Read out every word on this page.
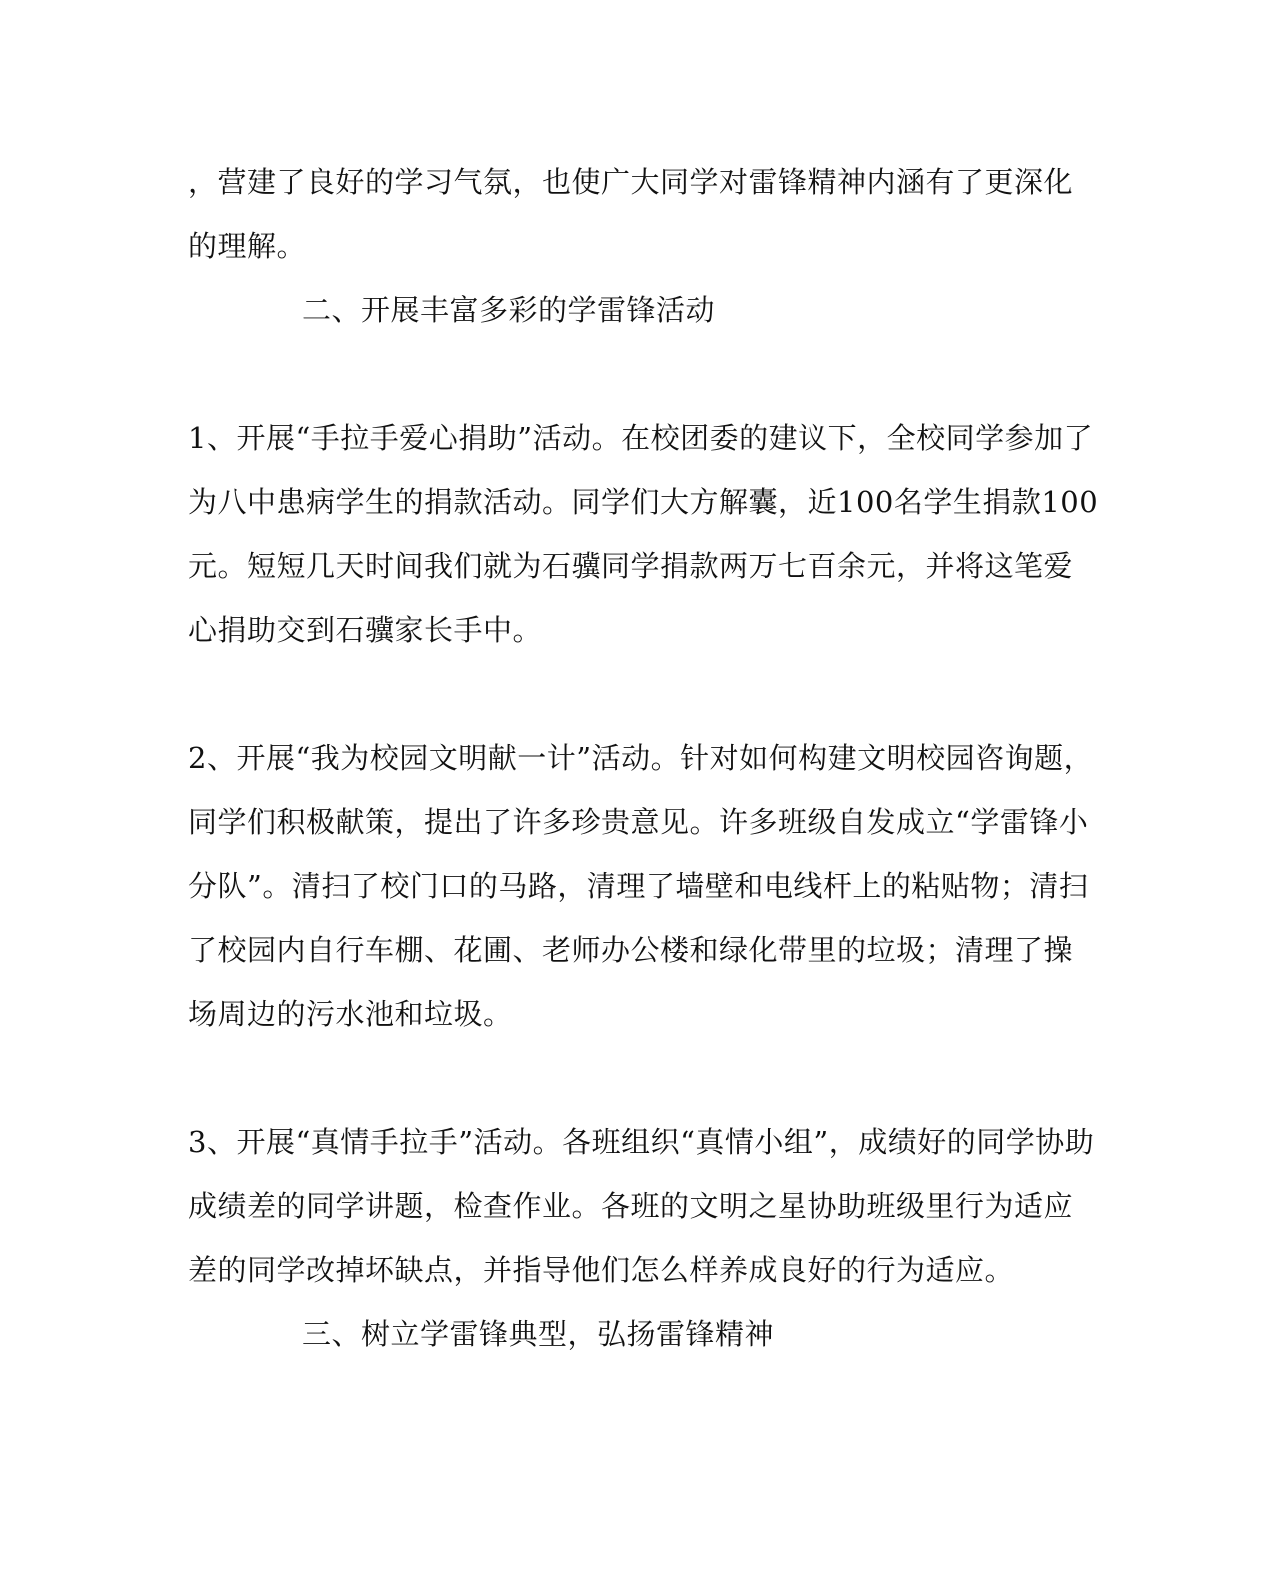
，营建了良好的学习气氛，也使广大同学对雷锋精神内涵有了更深化
的理解。
二、开展丰富多彩的学雷锋活动
1、开展“手拉手爱心捐助”活动。在校团委的建议下，全校同学参加了
为八中患病学生的捐款活动。同学们大方解囊，近100名学生捐款100
元。短短几天时间我们就为石骥同学捐款两万七百余元，并将这笔爱
心捐助交到石骥家长手中。
2、开展“我为校园文明献一计”活动。针对如何构建文明校园咨询题，
同学们积极献策，提出了许多珍贵意见。许多班级自发成立“学雷锋小
分队”。清扫了校门口的马路，清理了墙壁和电线杆上的粘贴物；清扫
了校园内自行车棚、花圃、老师办公楼和绿化带里的垃圾；清理了操
场周边的污水池和垃圾。
3、开展“真情手拉手”活动。各班组织“真情小组”，成绩好的同学协助
成绩差的同学讲题，检查作业。各班的文明之星协助班级里行为适应
差的同学改掉坏缺点，并指导他们怎么样养成良好的行为适应。
三、树立学雷锋典型，弘扬雷锋精神
